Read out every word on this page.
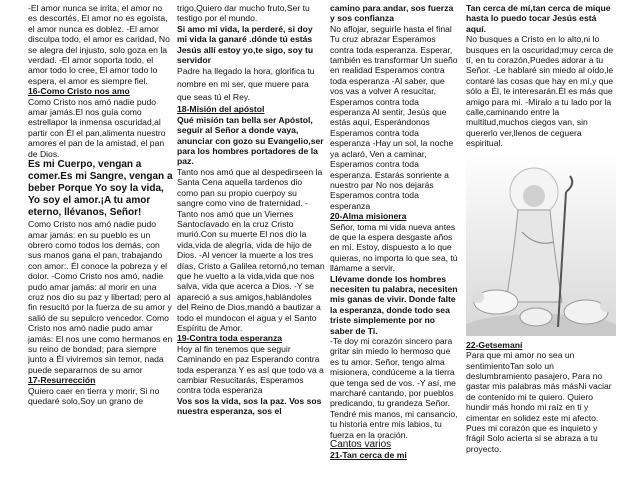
-El amor nunca se irrita, el amor no es descortés, El amor no es egoísta, el amor nunca es doblez. -El amor disculpa todo, el amor es caridad, No se alegra del injusto, solo goza en la verdad. -El amor soporta todo, el amor todo lo cree, El amor todo lo espera, el amor es siempre fiel.

16-Como Cristo nos amo

Como Cristo nos amó nadie pudo amar jamás.El nos guía como estrellapor la inmensa oscuridad,al partir con Él el pan,alimenta nuestro amores el pan de la amistad, el pan de Dios.

Es mi Cuerpo, vengan a comer.Es mi Sangre, vengan a beber Porque Yo soy la vida, Yo soy el amor.¡A tu amor eterno, llévanos, Señor!

Como Cristo nos amó nadie pudo amar jamás: en su pueblo es un obrero como todos los demás, con sus manos gana el pan, trabajando con amor:. Él conoce la pobreza y el dolor. -Como Cristo nos amó, nadie pudo amar jamás: al morir en una cruz nos dio su paz y libertad; pero al fin resucitó por la fuerza de su amor y salió de su sepulcro vencedor. Como Cristo nos amó nadie pudo amar jamás: El nos une como hermanos en su reino de bondad; para siempre junto a Él viviremos sin temor, nada puede separarnos de su amor

17-Resurrección

Quiero caer en tierra y morir, Si no quedaré solo,Soy un grano de

trigo,Quiero dar mucho fruto,Ser tu testigo por el mundo.

Si amo mi vida, la perderé, si doy mi vida la ganaré .dónde tú estás Jesús allí estoy yo,te sigo, soy tu servidor

Padre ha llegado la hora, glorifica tu nombre en mi ser, que muere para que seas tú el Rey.

18-Misión del apóstol

Qué misión tan bella ser Apóstol, seguir al Señor a donde vaya, anunciar con gozo su Evangelio,ser para los hombres portadores de la paz.

Tanto nos amó que al despedirseen la Santa Cena aquella tardenos dio como pan su propio cuerpoy su sangre como vino de fraternidad. -Tanto nos amó que un Viernes Santoclavado en la cruz Cristo murió.Con su muerte El nos dio la vida,vida de alegría, vida de hijo de Dios. -Al vencer la muerte a los tres días, Cristo a Galilea retornó,no teman que he vuelto a la vida,vida que nos salva, vida que acerca a Dios. -Y se apareció a sus amigos,hablándoles del Reino de Dios,mandó a bautizar a todo el mundocon el agua y el Santo Espíritu de Amor.

19-Contra toda esperanza

Hoy al fin tenemos que seguir Caminando en paz Esperando contra toda esperanza Y es así que todo va a cambiar Resucitarás, Esperamos contra toda esperanza

Vos sos la vida, sos la paz. Vos sos nuestra esperanza, sos el

camino para andar, sos fuerza y sos confianza

No aflojar, seguirle hasta el final Tu cruz abrazar Esperamos contra toda esperanza. Esperar, también es transformar Un sueño en realidad Esperamos contra toda esperanza -Al saber, que vos vas a volver A resucitar, Esperamos contra toda esperanza Al sentir, Jesús que estás aquí, Esperándonos Esperamos contra toda esperanza -Hay un sol, la noche ya aclaró, Ven a caminar, Esperamos contra toda esperanza. Estarás sonriente a nuestro par No nos dejarás Esperamos contra toda esperanza

20-Alma misionera

Señor, toma mi vida nueva antes de que la espera desgaste años en mí. Estoy, dispuesto a lo que quieras, no importa lo que sea, tú llámame a servir.

Llévame donde los hombres necesiten tu palabra, necesiten mis ganas de vivir. Donde falte la esperanza, donde todo sea triste simplemente por no saber de Ti.

-Te doy mi corazón sincero para gritar sin miedo lo hermoso que es tu amor. Señor, tengo alma misionera, condúceme a la tierra que tenga sed de vos. -Y así, me marcharé cantando, por pueblos predicando, tu grandeza Señor. Tendré mis manos, mi cansancio, tu historia entre mis labios, tu fuerza en la oración.

Cantos varios

21-Tan cerca de mi

Tan cerca de mí,tan cerca de mique hasta lo puedo tocar Jesús está aquí.

No busques a Cristo en lo alto,ni lo busques en la oscuridad;muy cerca de tí, en tu corazón,Puedes adorar a tu Señor. -Le hablaré sin miedo al oído,le contaré las cosas que hay en mí,y que sólo a Él, le interesarán.Él es más que amigo para mi. -Míralo a tu lado por la calle,caminando entre la multitud,muchos ciegos van, sin quererlo ver,llenos de ceguera espiritual.

22-Getsemaní

Para que mi amor no sea un sentimientoTan solo un deslumbramiento pasajero, Para no gastar mis palabras más másNi vaciar de contenido mi te quiero. Quiero hundir más hondo mi raíz en ti y cimentar en solidez este mi afecto. Pues mi corazón que es inquieto y frágil Solo acierta si se abraza a tu proyecto.
